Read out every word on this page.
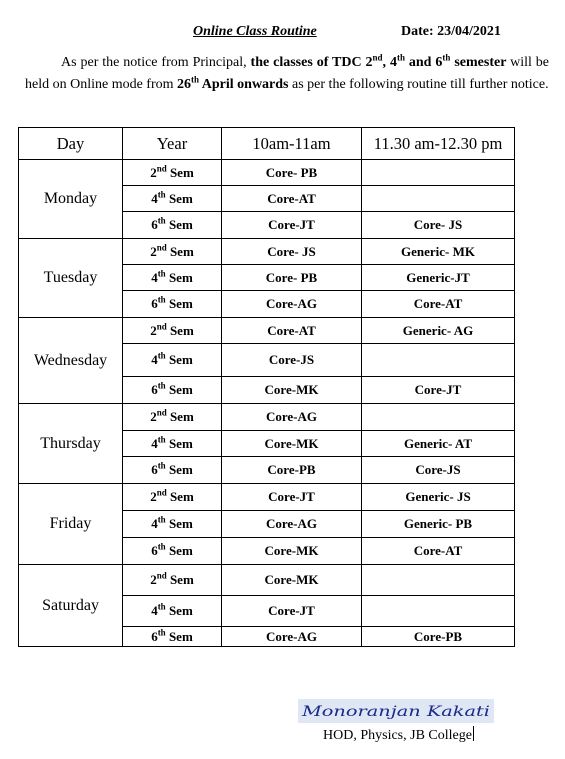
Online Class Routine	Date: 23/04/2021
As per the notice from Principal, the classes of TDC 2nd, 4th and 6th semester will be held on Online mode from 26th April onwards as per the following routine till further notice.
Day	Year	10am-11am	11.30 am-12.30 pm
Monday	2nd Sem	Core- PB	
	4th Sem	Core-AT	
	6th Sem	Core-JT	Core- JS
Tuesday	2nd Sem	Core- JS	Generic- MK
	4th Sem	Core- PB	Generic-JT
	6th Sem	Core-AG	Core-AT
Wednesday	2nd Sem	Core-AT	Generic- AG
	4th Sem	Core-JS	
	6th Sem	Core-MK	Core-JT
Thursday	2nd Sem	Core-AG	
	4th Sem	Core-MK	Generic- AT
	6th Sem	Core-PB	Core-JS
Friday	2nd Sem	Core-JT	Generic- JS
	4th Sem	Core-AG	Generic- PB
	6th Sem	Core-MK	Core-AT
Saturday	2nd Sem	Core-MK	
	4th Sem	Core-JT	
	6th Sem	Core-AG	Core-PB
Monoranjan Kakati
HOD, Physics, JB College
